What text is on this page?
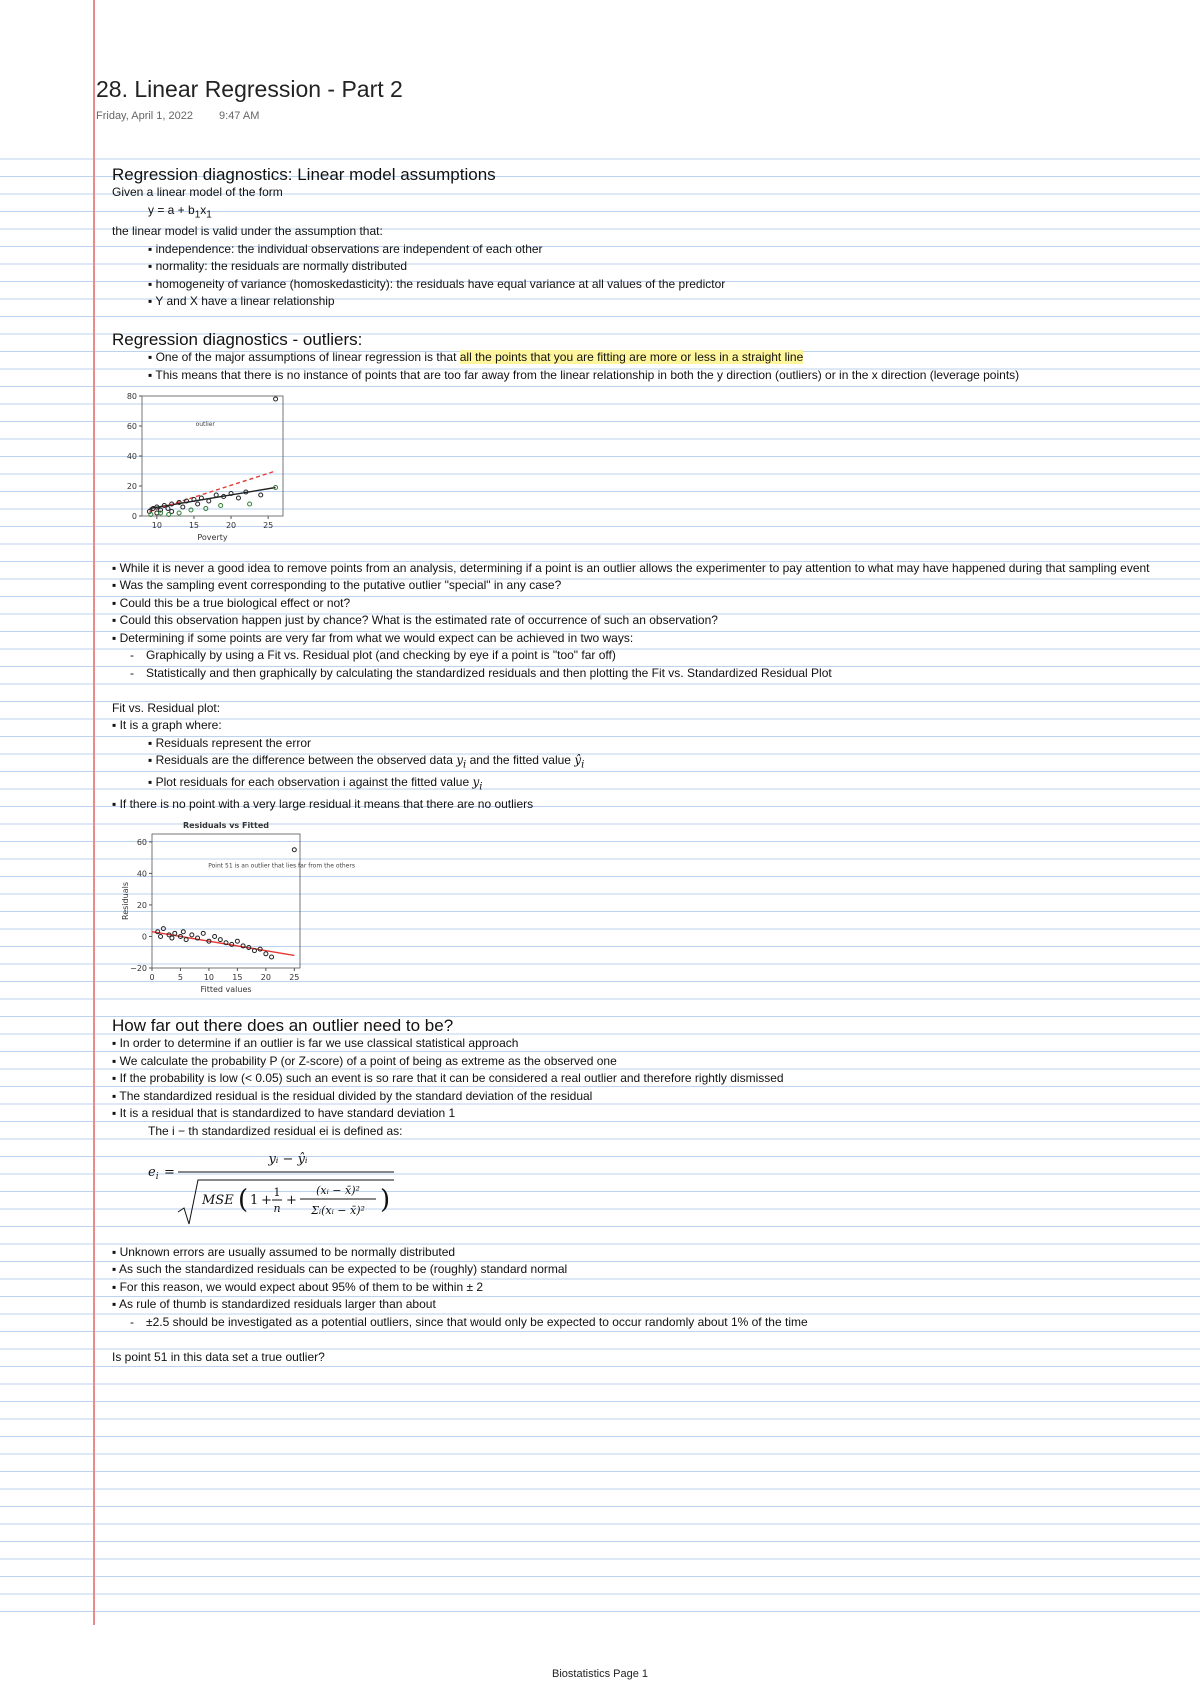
28. Linear Regression - Part 2
Friday, April 1, 2022 9:47 AM
Regression diagnostics: Linear model assumptions

Given a linear model of the form

$y = a + b_1x_1$

the linear model is valid under the assumption that:

▪ independence: the individual observations are independent of each other

▪ normality: the residuals are normally distributed

▪ homogeneity of variance (homoskedasticity): the residuals have equal variance at all values of the predictor

▪ Y and X have a linear relationship

Regression diagnostics - outliers:

▪ One of the major assumptions of linear regression is that all the points that you are fitting are more or less in a straight line

▪ This means that there is no instance of points that are too far away from the linear relationship in both the y direction (outliers) or in the x direction (leverage points)

10	15	20	25
0
20
40
60
80
Poverty
outlier

▪ While it is never a good idea to remove points from an analysis, determining if a point is an outlier allows the experimenter to pay attention to what may have happened during that sampling event

▪ Was the sampling event corresponding to the putative outlier "special" in any case?

▪ Could this be a true biological effect or not?

▪ Could this observation happen just by chance? What is the estimated rate of occurrence of such an observation?

▪ Determining if some points are very far from what we would expect can be achieved in two ways:

- Graphically by using a Fit vs. Residual plot (and checking by eye if a point is "too" far off)

- Statistically and then graphically by calculating the standardized residuals and then plotting the Fit vs. Standardized Residual Plot

Fit vs. Residual plot:

▪ It is a graph where:

▪ Residuals represent the error

▪ Residuals are the difference between the observed data $y_i$ and the fitted value $ŷ_i$

▪ Plot residuals for each observation i against the fitted value $y_i$

▪ If there is no point with a very large residual it means that there are no outliers

0	5	10 15 20 25
−20
0
20
40
60
Residuals vs Fitted
Fitted values
Residuals
Point 51 is an outlier that lies far from the others
How far out there does an outlier need to be?

▪ In order to determine if an outlier is far we use classical statistical approach

▪ We calculate the probability P (or Z-score) of a point of being as extreme as the observed one

▪ If the probability is low (< 0.05) such an event is so rare that it can be considered a real outlier and therefore rightly dismissed

▪ The standardized residual is the residual divided by the standard deviation of the residual

▪ It is a residual that is standardized to have standard deviation 1

The i − th standardized residual ei is defined as:

$e_i$ =
yᵢ − ŷᵢ
MSE ( 1 +
1
n
+
(xᵢ − x̄)²
Σᵢ(xᵢ − x̄)² )

▪ Unknown errors are usually assumed to be normally distributed

▪ As such the standardized residuals can be expected to be (roughly) standard normal

▪ For this reason, we would expect about 95% of them to be within ± 2

▪ As rule of thumb is standardized residuals larger than about

- ±2.5 should be investigated as a potential outliers, since that would only be expected to occur randomly about 1% of the time

Is point 51 in this data set a true outlier?

Biostatistics Page 1
